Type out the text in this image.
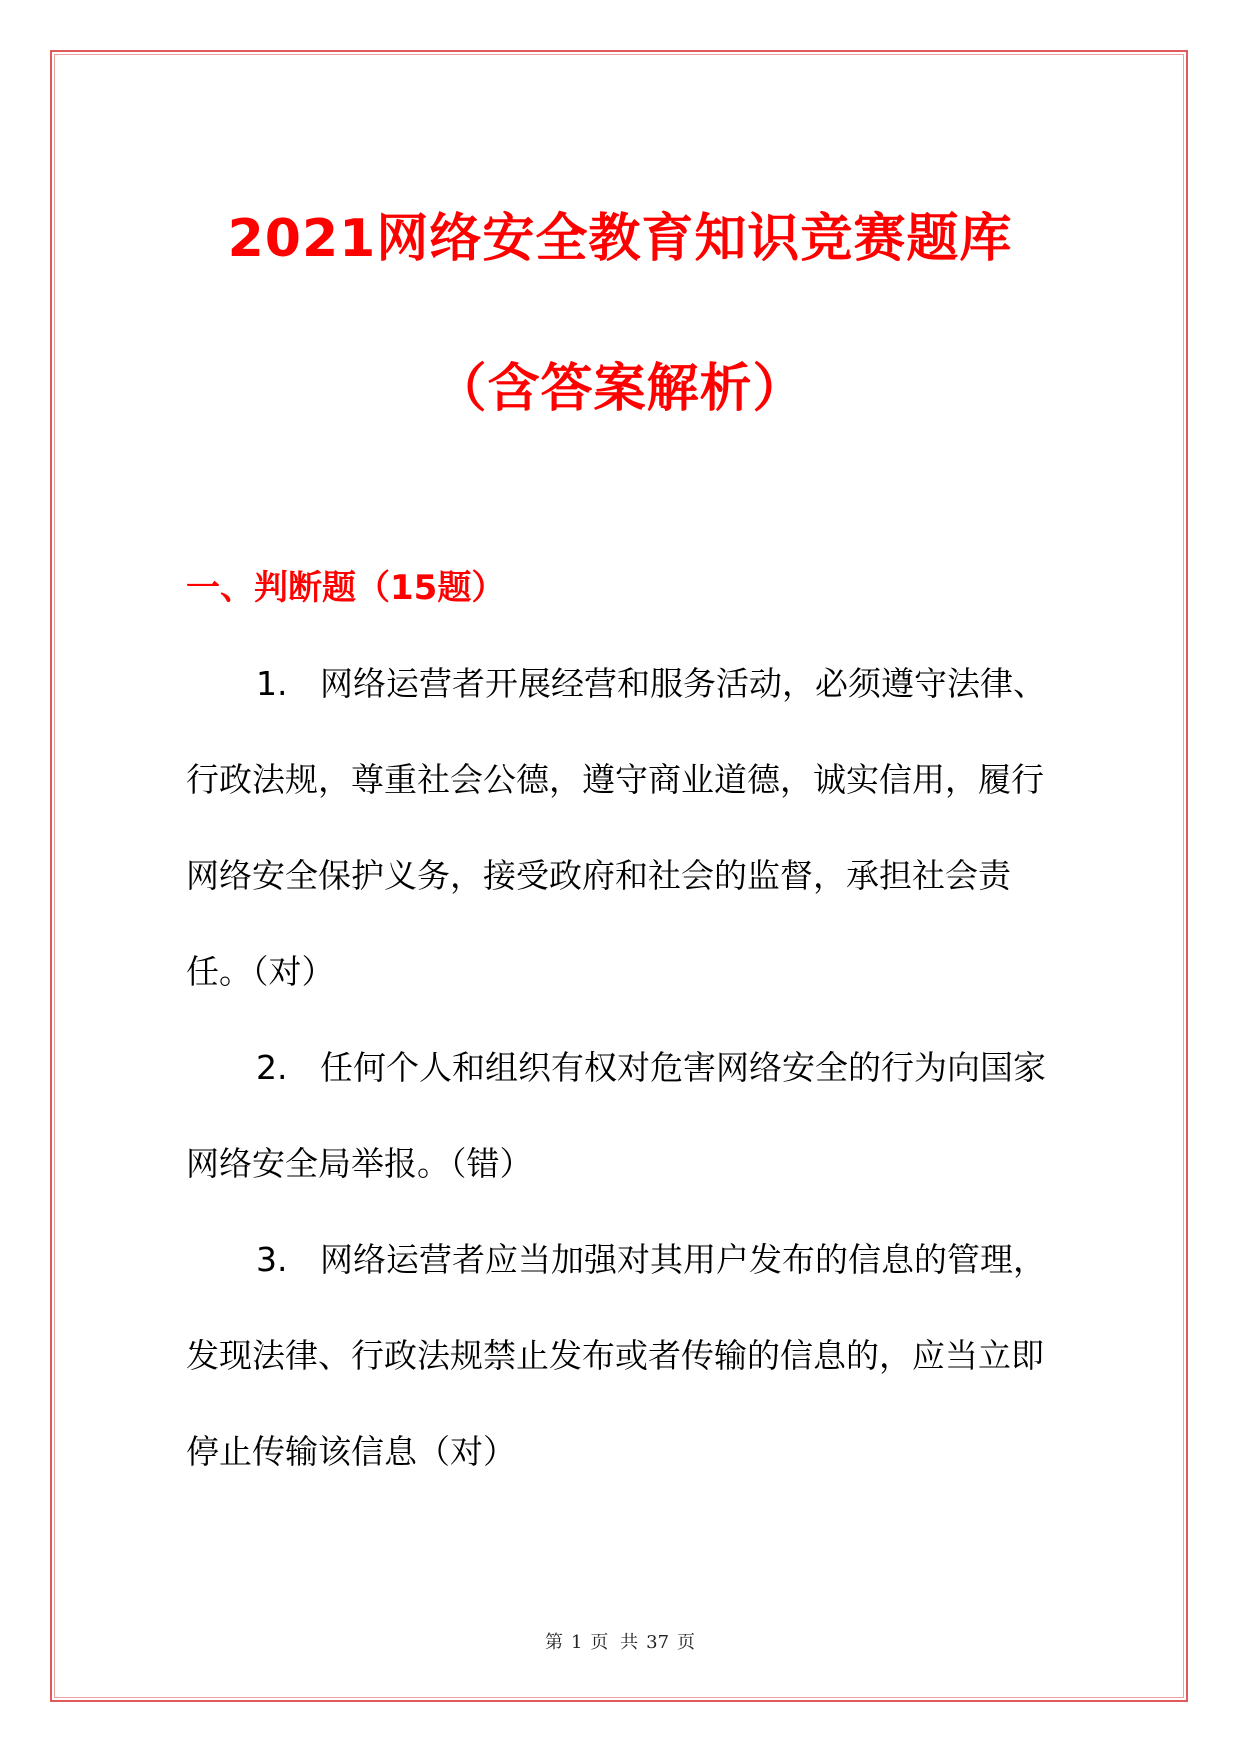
2021网络安全教育知识竞赛题库
（含答案解析）
一、判断题（15题）

1. 网络运营者开展经营和服务活动，必须遵守法律、行政法规，尊重社会公德，遵守商业道德，诚实信用，履行网络安全保护义务，接受政府和社会的监督，承担社会责任。（对）

2. 任何个人和组织有权对危害网络安全的行为向国家网络安全局举报。（错）

3. 网络运营者应当加强对其用户发布的信息的管理，发现法律、行政法规禁止发布或者传输的信息的，应当立即停止传输该信息（对）

第 1 页 共 37 页
